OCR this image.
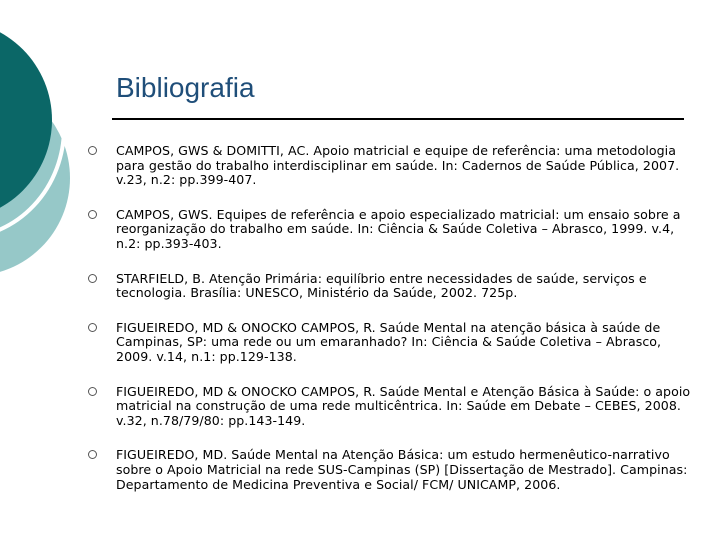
Bibliografia
CAMPOS, GWS & DOMITTI, AC. Apoio matricial e equipe de referência: uma metodologia para gestão do trabalho interdisciplinar em saúde. In: Cadernos de Saúde Pública, 2007. v.23, n.2: pp.399-407.
CAMPOS, GWS. Equipes de referência e apoio especializado matricial: um ensaio sobre a reorganização do trabalho em saúde. In: Ciência & Saúde Coletiva – Abrasco, 1999. v.4, n.2: pp.393-403.
STARFIELD, B. Atenção Primária: equilíbrio entre necessidades de saúde, serviços e tecnologia. Brasília: UNESCO, Ministério da Saúde, 2002. 725p.
FIGUEIREDO, MD & ONOCKO CAMPOS, R. Saúde Mental na atenção básica à saúde de Campinas, SP: uma rede ou um emaranhado? In: Ciência & Saúde Coletiva – Abrasco, 2009. v.14, n.1: pp.129-138.
FIGUEIREDO, MD & ONOCKO CAMPOS, R. Saúde Mental e Atenção Básica à Saúde: o apoio matricial na construção de uma rede multicêntrica. In: Saúde em Debate – CEBES, 2008. v.32, n.78/79/80: pp.143-149.
FIGUEIREDO, MD. Saúde Mental na Atenção Básica: um estudo hermenêutico-narrativo sobre o Apoio Matricial na rede SUS-Campinas (SP) [Dissertação de Mestrado]. Campinas: Departamento de Medicina Preventiva e Social/ FCM/ UNICAMP, 2006.
